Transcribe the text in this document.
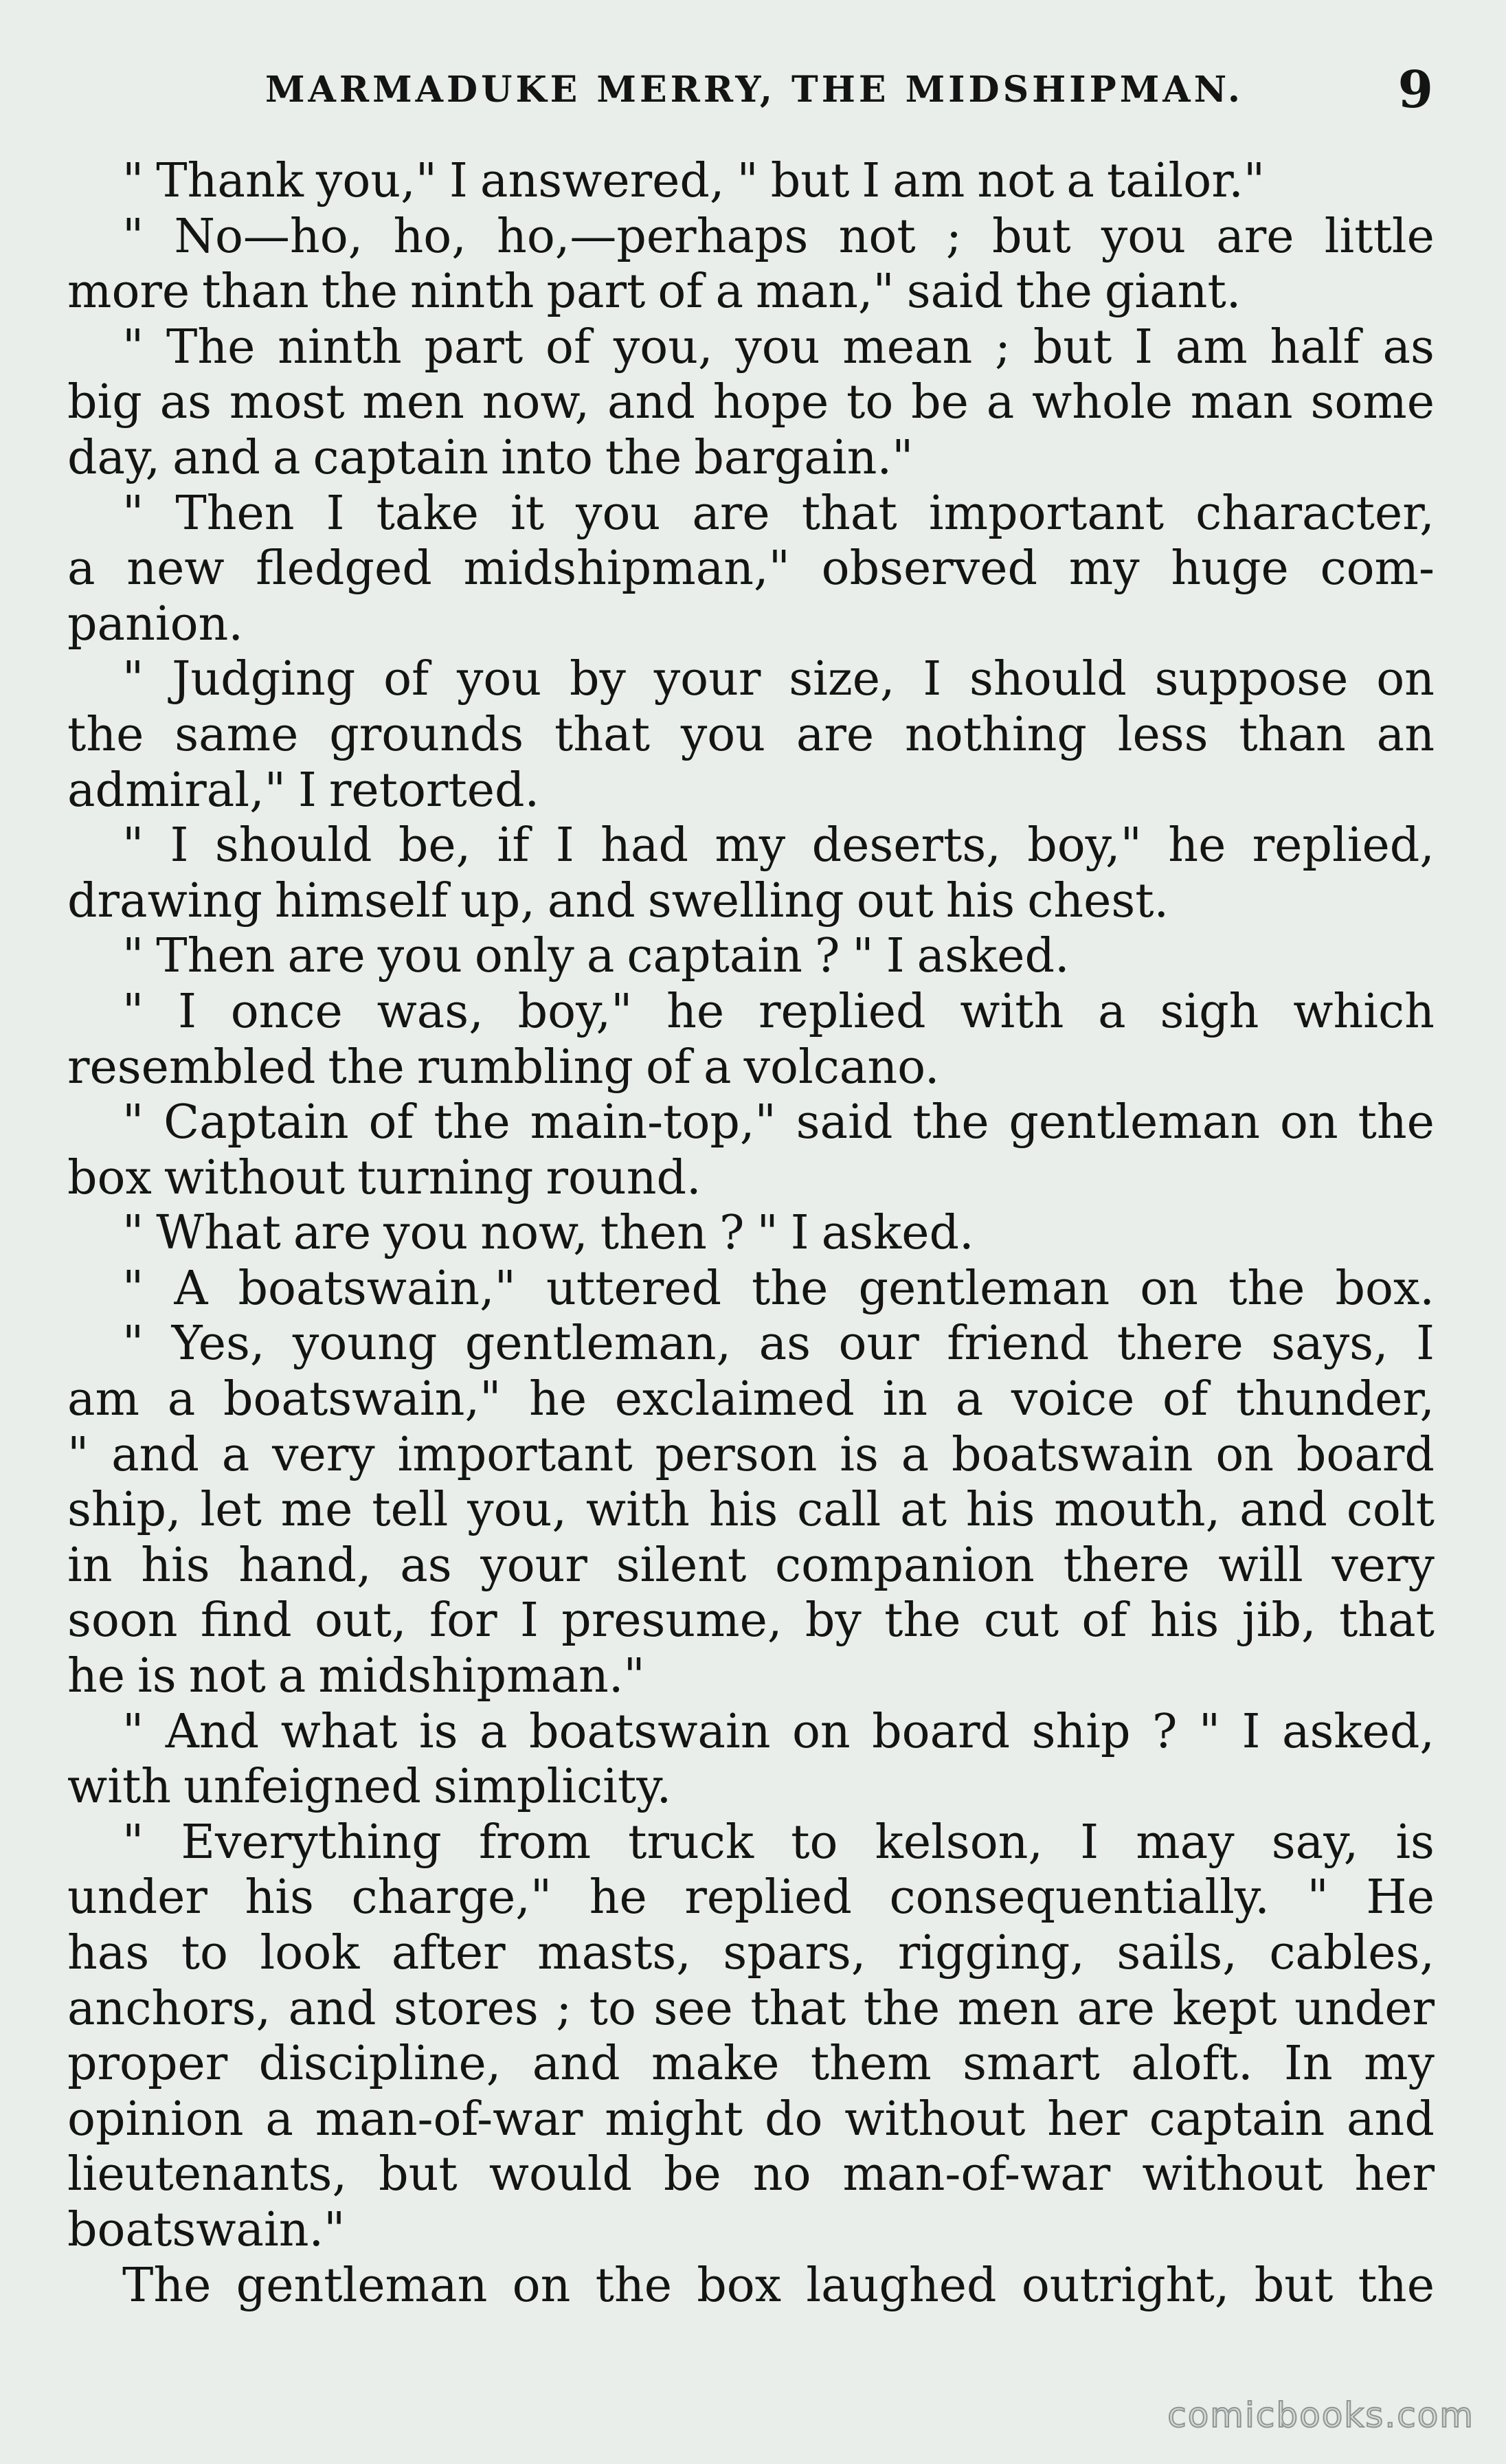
MARMADUKE MERRY, THE MIDSHIPMAN.	9
" Thank you," I answered, " but I am not a tailor."
" No—ho, ho, ho,—perhaps not ; but you are little
more than the ninth part of a man," said the giant.
" The ninth part of you, you mean ; but I am half as
big as most men now, and hope to be a whole man some
day, and a captain into the bargain."
" Then I take it you are that important character,
a new fledged midshipman," observed my huge com-
panion.
" Judging of you by your size, I should suppose on
the same grounds that you are nothing less than an
admiral," I retorted.
" I should be, if I had my deserts, boy," he replied,
drawing himself up, and swelling out his chest.
" Then are you only a captain ? " I asked.
" I once was, boy," he replied with a sigh which
resembled the rumbling of a volcano.
" Captain of the main-top," said the gentleman on the
box without turning round.
" What are you now, then ? " I asked.
" A boatswain," uttered the gentleman on the box.
" Yes, young gentleman, as our friend there says, I
am a boatswain," he exclaimed in a voice of thunder,
" and a very important person is a boatswain on board
ship, let me tell you, with his call at his mouth, and colt
in his hand, as your silent companion there will very
soon find out, for I presume, by the cut of his jib, that
he is not a midshipman."
" And what is a boatswain on board ship ? " I asked,
with unfeigned simplicity.
" Everything from truck to kelson, I may say, is
under his charge," he replied consequentially. " He
has to look after masts, spars, rigging, sails, cables,
anchors, and stores ; to see that the men are kept under
proper discipline, and make them smart aloft. In my
opinion a man-of-war might do without her captain and
lieutenants, but would be no man-of-war without her
boatswain."
The gentleman on the box laughed outright, but the
comicbooks.com
